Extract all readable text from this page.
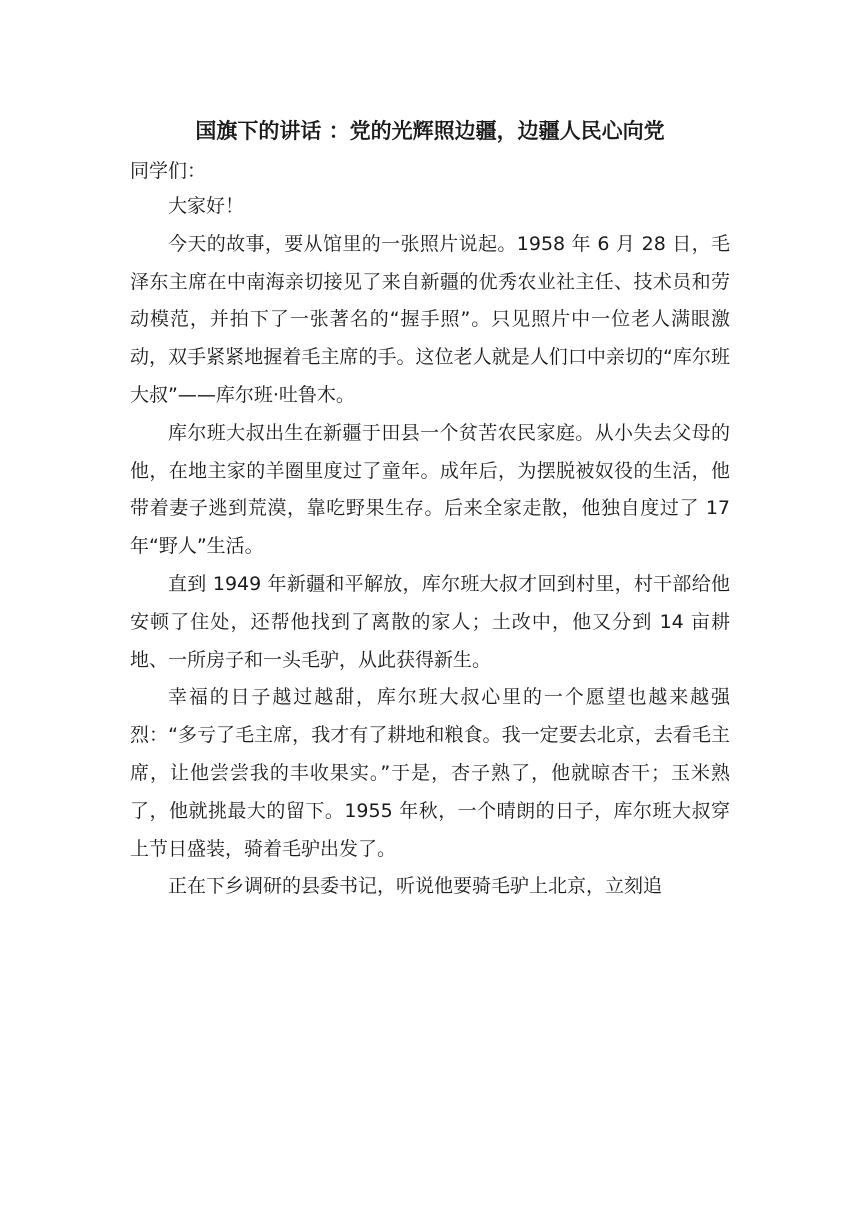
国旗下的讲话 ：党的光辉照边疆，边疆人民心向党

同学们：

大家好！

今天的故事，要从馆里的一张照片说起。1958 年 6 月 28 日，毛泽东主席在中南海亲切接见了来自新疆的优秀农业社主任、技术员和劳动模范，并拍下了一张著名的“握手照”。只见照片中一位老人满眼激动，双手紧紧地握着毛主席的手。这位老人就是人们口中亲切的“库尔班大叔”——库尔班·吐鲁木。

库尔班大叔出生在新疆于田县一个贫苦农民家庭。从小失去父母的他，在地主家的羊圈里度过了童年。成年后，为摆脱被奴役的生活，他带着妻子逃到荒漠，靠吃野果生存。后来全家走散，他独自度过了 17 年“野人”生活。

直到 1949 年新疆和平解放，库尔班大叔才回到村里，村干部给他安顿了住处，还帮他找到了离散的家人；土改中，他又分到 14 亩耕地、一所房子和一头毛驴，从此获得新生。

幸福的日子越过越甜，库尔班大叔心里的一个愿望也越来越强烈：“多亏了毛主席，我才有了耕地和粮食。我一定要去北京，去看毛主席，让他尝尝我的丰收果实。”于是，杏子熟了，他就晾杏干；玉米熟了，他就挑最大的留下。1955 年秋，一个晴朗的日子，库尔班大叔穿上节日盛装，骑着毛驴出发了。

正在下乡调研的县委书记，听说他要骑毛驴上北京，立刻追
